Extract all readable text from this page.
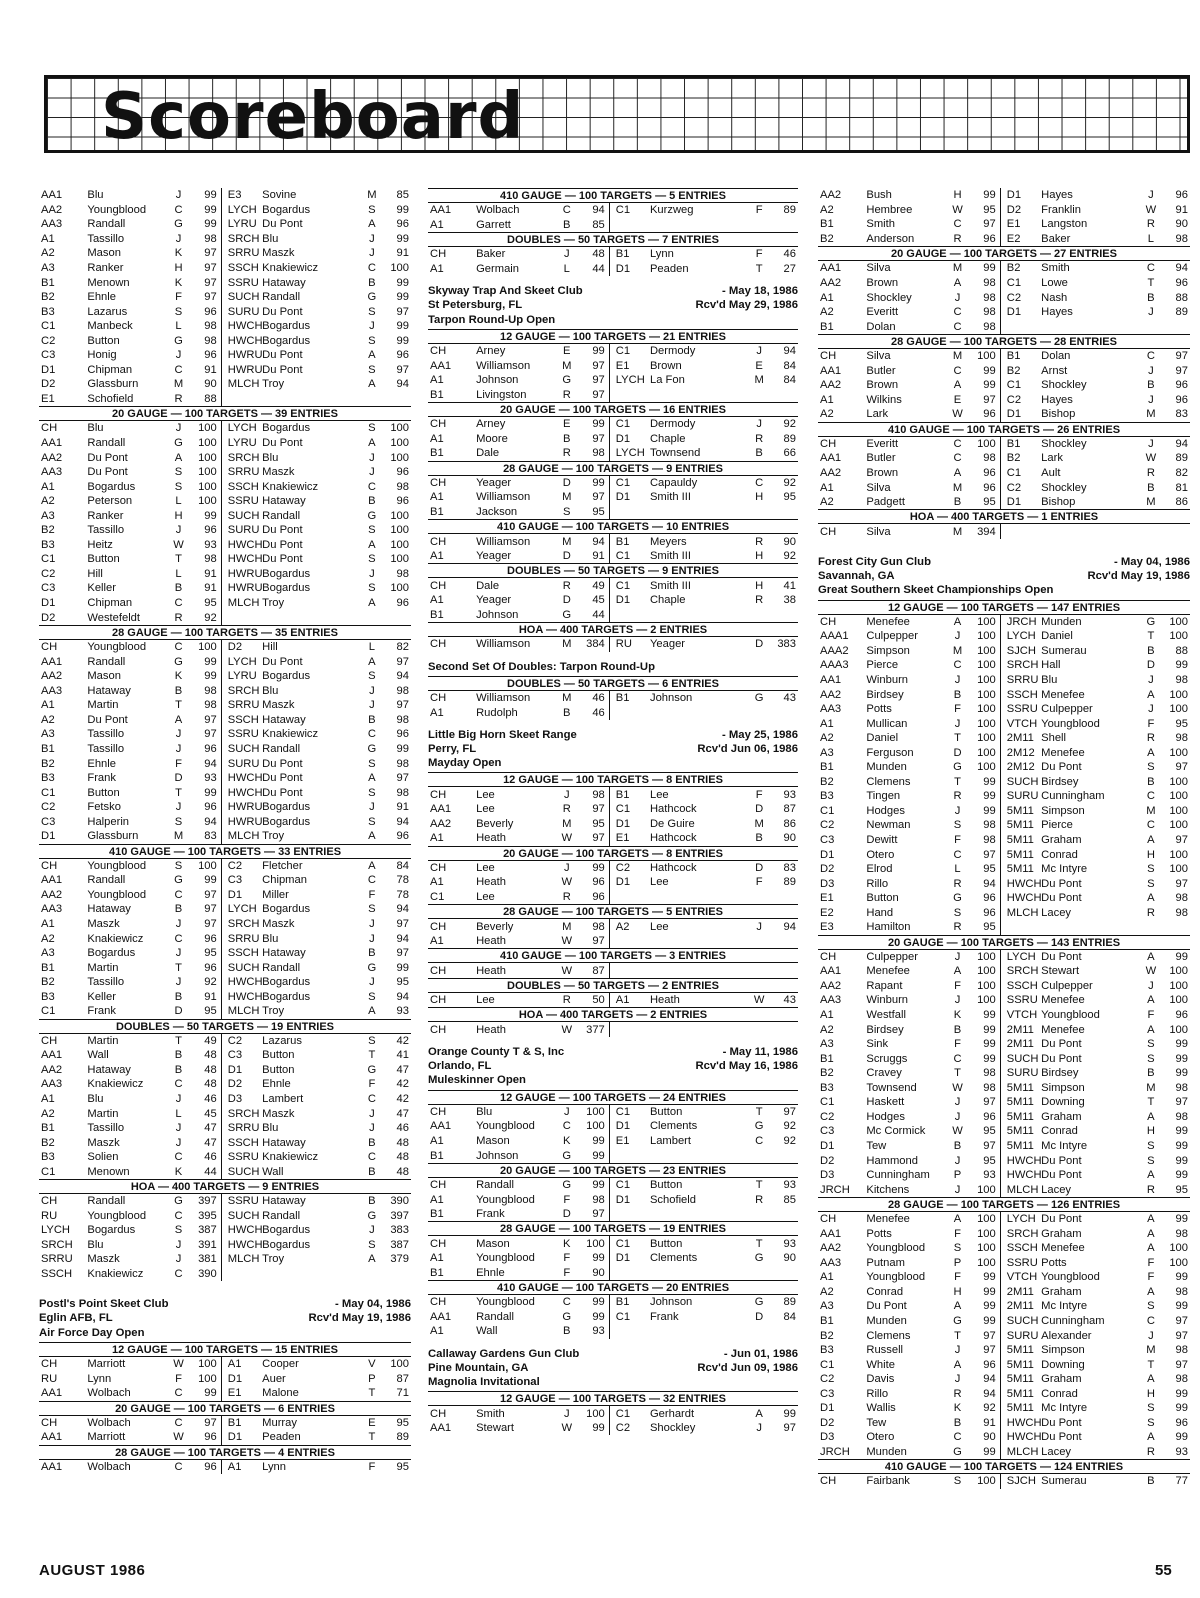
Scoreboard
AA1	Blu	J	99	E3	Sovine	M	85
AA2	Youngblood	C	99	LYCH	Bogardus	S	99
AA3	Randall	G	99	LYRU	Du Pont	A	96
A1	Tassillo	J	98	SRCH	Blu	J	99
A2	Mason	K	97	SRRU	Maszk	J	91
A3	Ranker	H	97	SSCH	Knakiewicz	C	100
B1	Menown	K	97	SSRU	Hataway	B	99
B2	Ehnle	F	97	SUCH	Randall	G	99
B3	Lazarus	S	96	SURU	Du Pont	S	97
C1	Manbeck	L	98	HWCH	Bogardus	J	99
C2	Button	G	98	HWCH	Bogardus	S	99
C3	Honig	J	96	HWRU	Du Pont	A	96
D1	Chipman	C	91	HWRU	Du Pont	S	97
D2	Glassburn	M	90	MLCH	Troy	A	94
E1	Schofield	R	88				
20 GAUGE — 100 TARGETS — 39 ENTRIES
CH	Blu	J	100	LYCH	Bogardus	S	100
AA1	Randall	G	100	LYRU	Du Pont	A	100
AA2	Du Pont	A	100	SRCH	Blu	J	100
AA3	Du Pont	S	100	SRRU	Maszk	J	96
A1	Bogardus	S	100	SSCH	Knakiewicz	C	98
A2	Peterson	L	100	SSRU	Hataway	B	96
A3	Ranker	H	99	SUCH	Randall	G	100
B2	Tassillo	J	96	SURU	Du Pont	S	100
B3	Heitz	W	93	HWCH	Du Pont	A	100
C1	Button	T	98	HWCH	Du Pont	S	100
C2	Hill	L	91	HWRU	Bogardus	J	98
C3	Keller	B	91	HWRU	Bogardus	S	100
D1	Chipman	C	95	MLCH	Troy	A	96
D2	Westefeldt	R	92				
28 GAUGE — 100 TARGETS — 35 ENTRIES
CH	Youngblood	C	100	D2	Hill	L	82
AA1	Randall	G	99	LYCH	Du Pont	A	97
AA2	Mason	K	99	LYRU	Bogardus	S	94
AA3	Hataway	B	98	SRCH	Blu	J	98
A1	Martin	T	98	SRRU	Maszk	J	97
A2	Du Pont	A	97	SSCH	Hataway	B	98
A3	Tassillo	J	97	SSRU	Knakiewicz	C	96
B1	Tassillo	J	96	SUCH	Randall	G	99
B2	Ehnle	F	94	SURU	Du Pont	S	98
B3	Frank	D	93	HWCH	Du Pont	A	97
C1	Button	T	99	HWCH	Du Pont	S	98
C2	Fetsko	J	96	HWRU	Bogardus	J	91
C3	Halperin	S	94	HWRU	Bogardus	S	94
D1	Glassburn	M	83	MLCH	Troy	A	96
410 GAUGE — 100 TARGETS — 33 ENTRIES
CH	Youngblood	S	100	C2	Fletcher	A	84
AA1	Randall	G	99	C3	Chipman	C	78
AA2	Youngblood	C	97	D1	Miller	F	78
AA3	Hataway	B	97	LYCH	Bogardus	S	94
A1	Maszk	J	97	SRCH	Maszk	J	97
A2	Knakiewicz	C	96	SRRU	Blu	J	94
A3	Bogardus	J	95	SSCH	Hataway	B	97
B1	Martin	T	96	SUCH	Randall	G	99
B2	Tassillo	J	92	HWCH	Bogardus	J	95
B3	Keller	B	91	HWCH	Bogardus	S	94
C1	Frank	D	95	MLCH	Troy	A	93
DOUBLES — 50 TARGETS — 19 ENTRIES
CH	Martin	T	49	C2	Lazarus	S	42
AA1	Wall	B	48	C3	Button	T	41
AA2	Hataway	B	48	D1	Button	G	47
AA3	Knakiewicz	C	48	D2	Ehnle	F	42
A1	Blu	J	46	D3	Lambert	C	42
A2	Martin	L	45	SRCH	Maszk	J	47
B1	Tassillo	J	47	SRRU	Blu	J	46
B2	Maszk	J	47	SSCH	Hataway	B	48
B3	Solien	C	46	SSRU	Knakiewicz	C	48
C1	Menown	K	44	SUCH	Wall	B	48
HOA — 400 TARGETS — 9 ENTRIES
CH	Randall	G	397	SSRU	Hataway	B	390
RU	Youngblood	C	395	SUCH	Randall	G	397
LYCH	Bogardus	S	387	HWCH	Bogardus	J	383
SRCH	Blu	J	391	HWCH	Bogardus	S	387
SRRU	Maszk	J	381	MLCH	Troy	A	379
SSCH	Knakiewicz	C	390				
Postl's Point Skeet Club	- May 04, 1986
Eglin AFB, FL	Rcv'd May 19, 1986
Air Force Day Open
12 GAUGE — 100 TARGETS — 15 ENTRIES
CH	Marriott	W	100	A1	Cooper	V	100
RU	Lynn	F	100	D1	Auer	P	87
AA1	Wolbach	C	99	E1	Malone	T	71
20 GAUGE — 100 TARGETS — 6 ENTRIES
CH	Wolbach	C	97	B1	Murray	E	95
AA1	Marriott	W	96	D1	Peaden	T	89
28 GAUGE — 100 TARGETS — 4 ENTRIES
AA1	Wolbach	C	96	A1	Lynn	F	95
410 GAUGE — 100 TARGETS — 5 ENTRIES
AA1	Wolbach	C	94	C1	Kurzweg	F	89
A1	Garrett	B	85				
DOUBLES — 50 TARGETS — 7 ENTRIES
CH	Baker	J	48	B1	Lynn	F	46
A1	Germain	L	44	D1	Peaden	T	27
Skyway Trap And Skeet Club	- May 18, 1986
St Petersburg, FL	Rcv'd May 29, 1986
Tarpon Round-Up Open
12 GAUGE — 100 TARGETS — 21 ENTRIES
CH	Arney	E	99	C1	Dermody	J	94
AA1	Williamson	M	97	E1	Brown	E	84
A1	Johnson	G	97	LYCH	La Fon	M	84
B1	Livingston	R	97				
20 GAUGE — 100 TARGETS — 16 ENTRIES
CH	Arney	E	99	C1	Dermody	J	92
A1	Moore	B	97	D1	Chaple	R	89
B1	Dale	R	98	LYCH	Townsend	B	66
28 GAUGE — 100 TARGETS — 9 ENTRIES
CH	Yeager	D	99	C1	Capauldy	C	92
A1	Williamson	M	97	D1	Smith III	H	95
B1	Jackson	S	95				
410 GAUGE — 100 TARGETS — 10 ENTRIES
CH	Williamson	M	94	B1	Meyers	R	90
A1	Yeager	D	91	C1	Smith III	H	92
DOUBLES — 50 TARGETS — 9 ENTRIES
CH	Dale	R	49	C1	Smith III	H	41
A1	Yeager	D	45	D1	Chaple	R	38
B1	Johnson	G	44				
HOA — 400 TARGETS — 2 ENTRIES
CH	Williamson	M	384	RU	Yeager	D	383
Second Set Of Doubles: Tarpon Round-Up
DOUBLES — 50 TARGETS — 6 ENTRIES
CH	Williamson	M	46	B1	Johnson	G	43
A1	Rudolph	B	46				
Little Big Horn Skeet Range	- May 25, 1986
Perry, FL	Rcv'd Jun 06, 1986
Mayday Open
12 GAUGE — 100 TARGETS — 8 ENTRIES
CH	Lee	J	98	B1	Lee	F	93
AA1	Lee	R	97	C1	Hathcock	D	87
AA2	Beverly	M	95	D1	De Guire	M	86
A1	Heath	W	97	E1	Hathcock	B	90
20 GAUGE — 100 TARGETS — 8 ENTRIES
CH	Lee	J	99	C2	Hathcock	D	83
A1	Heath	W	96	D1	Lee	F	89
C1	Lee	R	96				
28 GAUGE — 100 TARGETS — 5 ENTRIES
CH	Beverly	M	98	A2	Lee	J	94
A1	Heath	W	97				
410 GAUGE — 100 TARGETS — 3 ENTRIES
CH	Heath	W	87				
DOUBLES — 50 TARGETS — 2 ENTRIES
CH	Lee	R	50	A1	Heath	W	43
HOA — 400 TARGETS — 2 ENTRIES
CH	Heath	W	377				
Orange County T & S, Inc	- May 11, 1986
Orlando, FL	Rcv'd May 16, 1986
Muleskinner Open
12 GAUGE — 100 TARGETS — 24 ENTRIES
CH	Blu	J	100	C1	Button	T	97
AA1	Youngblood	C	100	D1	Clements	G	92
A1	Mason	K	99	E1	Lambert	C	92
B1	Johnson	G	99				
20 GAUGE — 100 TARGETS — 23 ENTRIES
CH	Randall	G	99	C1	Button	T	93
A1	Youngblood	F	98	D1	Schofield	R	85
B1	Frank	D	97				
28 GAUGE — 100 TARGETS — 19 ENTRIES
CH	Mason	K	100	C1	Button	T	93
A1	Youngblood	F	99	D1	Clements	G	90
B1	Ehnle	F	90				
410 GAUGE — 100 TARGETS — 20 ENTRIES
CH	Youngblood	C	99	B1	Johnson	G	89
AA1	Randall	G	99	C1	Frank	D	84
A1	Wall	B	93				
Callaway Gardens Gun Club	- Jun 01, 1986
Pine Mountain, GA	Rcv'd Jun 09, 1986
Magnolia Invitational
12 GAUGE — 100 TARGETS — 32 ENTRIES
CH	Smith	J	100	C1	Gerhardt	A	99
AA1	Stewart	W	99	C2	Shockley	J	97
AA2	Bush	H	99	D1	Hayes	J	96
A2	Hembree	W	95	D2	Franklin	W	91
B1	Smith	C	97	E1	Langston	R	90
B2	Anderson	R	96	E2	Baker	L	98
20 GAUGE — 100 TARGETS — 27 ENTRIES
AA1	Silva	M	99	B2	Smith	C	94
AA2	Brown	A	98	C1	Lowe	T	96
A1	Shockley	J	98	C2	Nash	B	88
A2	Everitt	C	98	D1	Hayes	J	89
B1	Dolan	C	98				
28 GAUGE — 100 TARGETS — 28 ENTRIES
CH	Silva	M	100	B1	Dolan	C	97
AA1	Butler	C	99	B2	Arnst	J	97
AA2	Brown	A	99	C1	Shockley	B	96
A1	Wilkins	E	97	C2	Hayes	J	96
A2	Lark	W	96	D1	Bishop	M	83
410 GAUGE — 100 TARGETS — 26 ENTRIES
CH	Everitt	C	100	B1	Shockley	J	94
AA1	Butler	C	98	B2	Lark	W	89
AA2	Brown	A	96	C1	Ault	R	82
A1	Silva	M	96	C2	Shockley	B	81
A2	Padgett	B	95	D1	Bishop	M	86
HOA — 400 TARGETS — 1 ENTRIES
CH	Silva	M	394				
Forest City Gun Club	- May 04, 1986
Savannah, GA	Rcv'd May 19, 1986
Great Southern Skeet Championships Open
12 GAUGE — 100 TARGETS — 147 ENTRIES
CH	Menefee	A	100	JRCH	Munden	G	100
AAA1	Culpepper	J	100	LYCH	Daniel	T	100
AAA2	Simpson	M	100	SJCH	Sumerau	B	88
AAA3	Pierce	C	100	SRCH	Hall	D	99
AA1	Winburn	J	100	SRRU	Blu	J	98
AA2	Birdsey	B	100	SSCH	Menefee	A	100
AA3	Potts	F	100	SSRU	Culpepper	J	100
A1	Mullican	J	100	VTCH	Youngblood	F	95
A2	Daniel	T	100	2M11	Shell	R	98
A3	Ferguson	D	100	2M12	Menefee	A	100
B1	Munden	G	100	2M12	Du Pont	S	97
B2	Clemens	T	99	SUCH	Birdsey	B	100
B3	Tingen	R	99	SURU	Cunningham	C	100
C1	Hodges	J	99	5M11	Simpson	M	100
C2	Newman	S	98	5M11	Pierce	C	100
C3	Dewitt	F	98	5M11	Graham	A	97
D1	Otero	C	97	5M11	Conrad	H	100
D2	Elrod	L	95	5M11	Mc Intyre	S	100
D3	Rillo	R	94	HWCH	Du Pont	S	97
E1	Button	G	96	HWCH	Du Pont	A	98
E2	Hand	S	96	MLCH	Lacey	R	98
E3	Hamilton	R	95				
20 GAUGE — 100 TARGETS — 143 ENTRIES
CH	Culpepper	J	100	LYCH	Du Pont	A	99
AA1	Menefee	A	100	SRCH	Stewart	W	100
AA2	Rapant	F	100	SSCH	Culpepper	J	100
AA3	Winburn	J	100	SSRU	Menefee	A	100
A1	Westfall	K	99	VTCH	Youngblood	F	96
A2	Birdsey	B	99	2M11	Menefee	A	100
A3	Sink	F	99	2M11	Du Pont	S	99
B1	Scruggs	C	99	SUCH	Du Pont	S	99
B2	Cravey	T	98	SURU	Birdsey	B	99
B3	Townsend	W	98	5M11	Simpson	M	98
C1	Haskett	J	97	5M11	Downing	T	97
C2	Hodges	J	96	5M11	Graham	A	98
C3	Mc Cormick	W	95	5M11	Conrad	H	99
D1	Tew	B	97	5M11	Mc Intyre	S	99
D2	Hammond	J	95	HWCH	Du Pont	S	99
D3	Cunningham	P	93	HWCH	Du Pont	A	99
JRCH	Kitchens	J	100	MLCH	Lacey	R	95
28 GAUGE — 100 TARGETS — 126 ENTRIES
CH	Menefee	A	100	LYCH	Du Pont	A	99
AA1	Potts	F	100	SRCH	Graham	A	98
AA2	Youngblood	S	100	SSCH	Menefee	A	100
AA3	Putnam	P	100	SSRU	Potts	F	100
A1	Youngblood	F	99	VTCH	Youngblood	F	99
A2	Conrad	H	99	2M11	Graham	A	98
A3	Du Pont	A	99	2M11	Mc Intyre	S	99
B1	Munden	G	99	SUCH	Cunningham	C	97
B2	Clemens	T	97	SURU	Alexander	J	97
B3	Russell	J	97	5M11	Simpson	M	98
C1	White	A	96	5M11	Downing	T	97
C2	Davis	J	94	5M11	Graham	A	98
C3	Rillo	R	94	5M11	Conrad	H	99
D1	Wallis	K	92	5M11	Mc Intyre	S	99
D2	Tew	B	91	HWCH	Du Pont	S	96
D3	Otero	C	90	HWCH	Du Pont	A	99
JRCH	Munden	G	99	MLCH	Lacey	R	93
410 GAUGE — 100 TARGETS — 124 ENTRIES
CH	Fairbank	S	100	SJCH	Sumerau	B	77
AUGUST 1986	55
